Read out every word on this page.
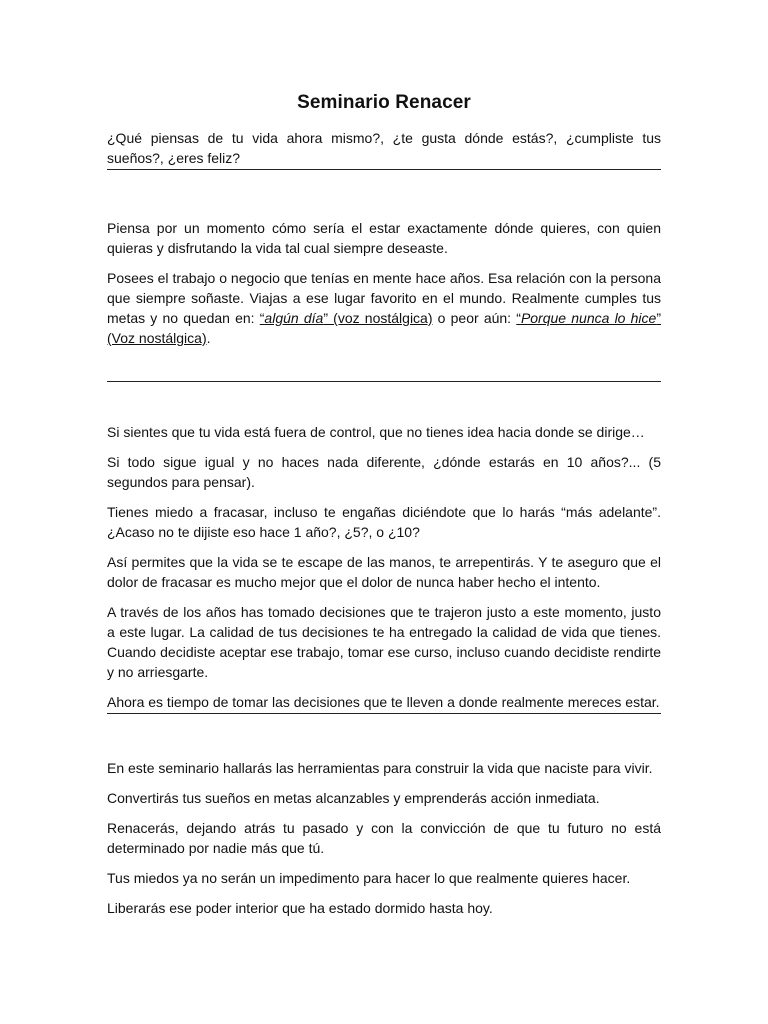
Seminario Renacer

¿Qué piensas de tu vida ahora mismo?, ¿te gusta dónde estás?, ¿cumpliste tus sueños?, ¿eres feliz?

Piensa por un momento cómo sería el estar exactamente dónde quieres, con quien quieras y disfrutando la vida tal cual siempre deseaste.

Posees el trabajo o negocio que tenías en mente hace años. Esa relación con la persona que siempre soñaste. Viajas a ese lugar favorito en el mundo. Realmente cumples tus metas y no quedan en: “algún día” (voz nostálgica) o peor aún: “Porque nunca lo hice” (Voz nostálgica).

Si sientes que tu vida está fuera de control, que no tienes idea hacia donde se dirige…

Si todo sigue igual y no haces nada diferente, ¿dónde estarás en 10 años?... (5 segundos para pensar).

Tienes miedo a fracasar, incluso te engañas diciéndote que lo harás “más adelante”. ¿Acaso no te dijiste eso hace 1 año?, ¿5?, o ¿10?

Así permites que la vida se te escape de las manos, te arrepentirás. Y te aseguro que el dolor de fracasar es mucho mejor que el dolor de nunca haber hecho el intento.

A través de los años has tomado decisiones que te trajeron justo a este momento, justo a este lugar. La calidad de tus decisiones te ha entregado la calidad de vida que tienes. Cuando decidiste aceptar ese trabajo, tomar ese curso, incluso cuando decidiste rendirte y no arriesgarte.

Ahora es tiempo de tomar las decisiones que te lleven a donde realmente mereces estar.

En este seminario hallarás las herramientas para construir la vida que naciste para vivir.

Convertirás tus sueños en metas alcanzables y emprenderás acción inmediata.

Renacerás, dejando atrás tu pasado y con la convicción de que tu futuro no está determinado por nadie más que tú.

Tus miedos ya no serán un impedimento para hacer lo que realmente quieres hacer.

Liberarás ese poder interior que ha estado dormido hasta hoy.
